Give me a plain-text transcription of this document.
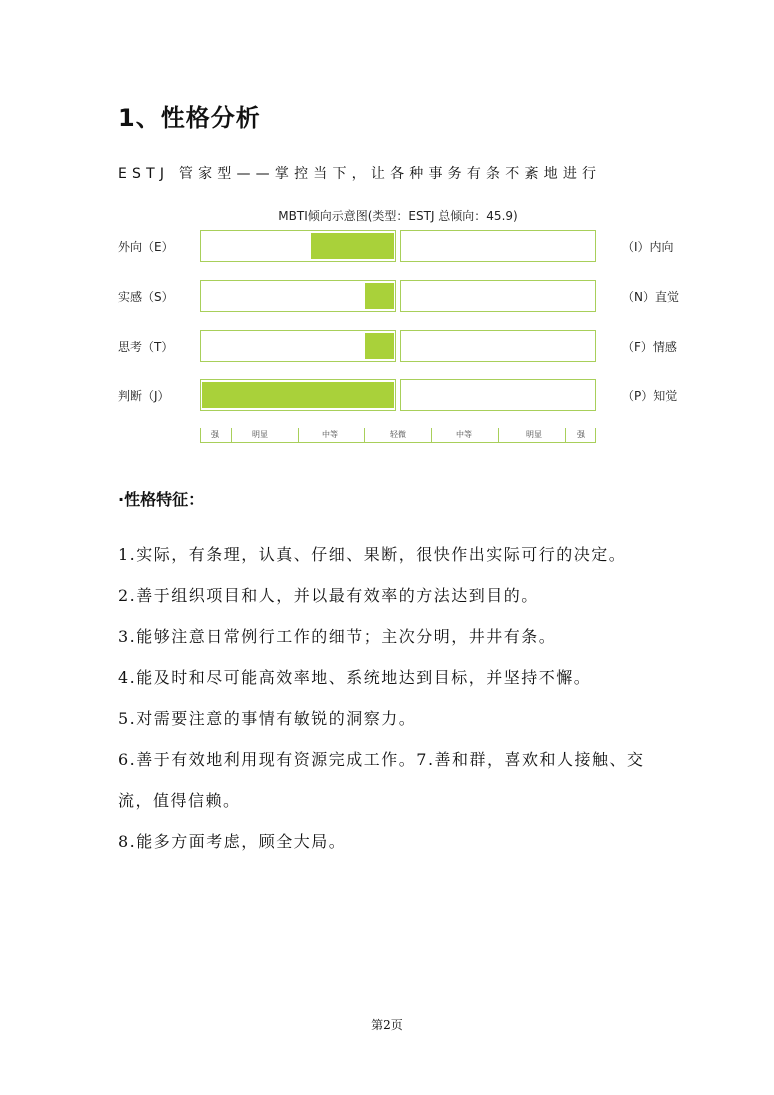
1、性格分析
ESTJ 管家型——掌控当下，让各种事务有条不紊地进行
MBTI倾向示意图(类型：ESTJ 总倾向：45.9)
外向（E）	（I）内向
实感（S）	（N）直觉
思考（T）	（F）情感
判断（J）	（P）知觉
强	明显	中等	轻微	中等	明显	强
·性格特征：
1.实际，有条理，认真、仔细、果断，很快作出实际可行的决定。
2.善于组织项目和人，并以最有效率的方法达到目的。
3.能够注意日常例行工作的细节；主次分明，井井有条。
4.能及时和尽可能高效率地、系统地达到目标，并坚持不懈。
5.对需要注意的事情有敏锐的洞察力。
6.善于有效地利用现有资源完成工作。7.善和群，喜欢和人接触、交
流，值得信赖。
8.能多方面考虑，顾全大局。
第2页
